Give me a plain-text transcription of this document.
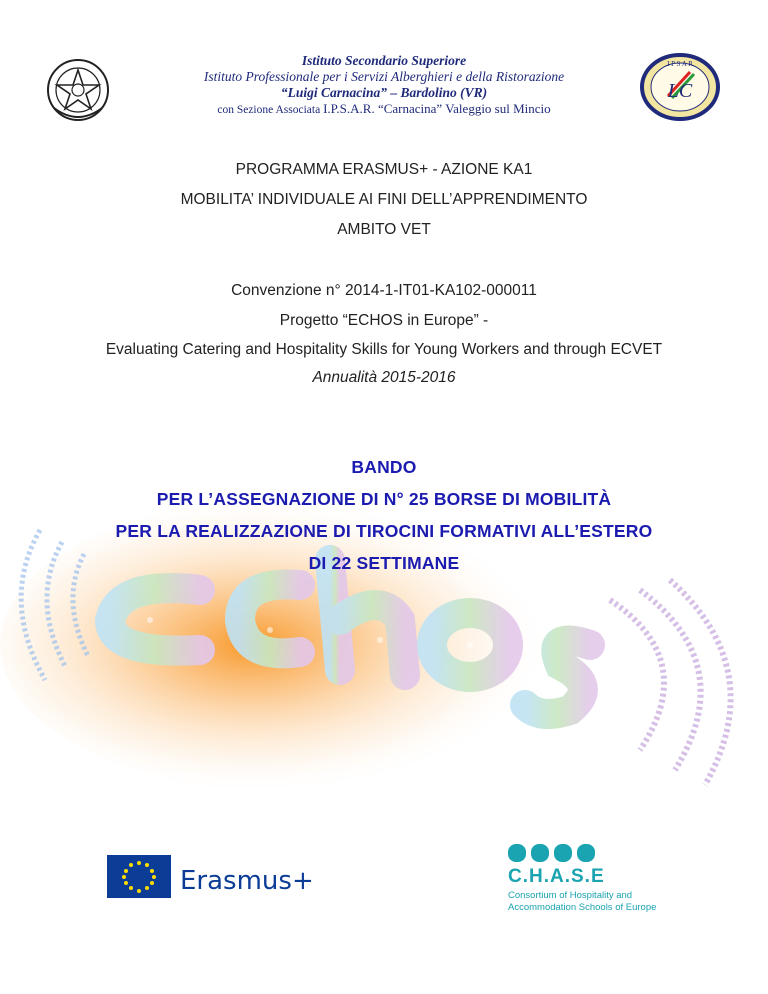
Istituto Secondario Superiore
Istituto Professionale per i Servizi Alberghieri e della Ristorazione
“Luigi Carnacina” – Bardolino (VR)
con Sezione Associata I.P.S.A.R. “Carnacina” Valeggio sul Mincio
I P S A R
LC
PROGRAMMA ERASMUS+ - AZIONE KA1
MOBILITA’ INDIVIDUALE AI FINI DELL’APPRENDIMENTO
AMBITO VET
Convenzione n° 2014-1-IT01-KA102-000011
Progetto “ECHOS in Europe” -
Evaluating Catering and Hospitality Skills for Young Workers and through ECVET
Annualità 2015-2016
BANDO
PER L’ASSEGNAZIONE DI N° 25 BORSE DI MOBILITÀ
PER LA REALIZZAZIONE DI TIROCINI FORMATIVI ALL’ESTERO
DI 22 SETTIMANE
Erasmus+	C.H.A.S.E
Consortium of Hospitality and
Accommodation Schools of Europe
